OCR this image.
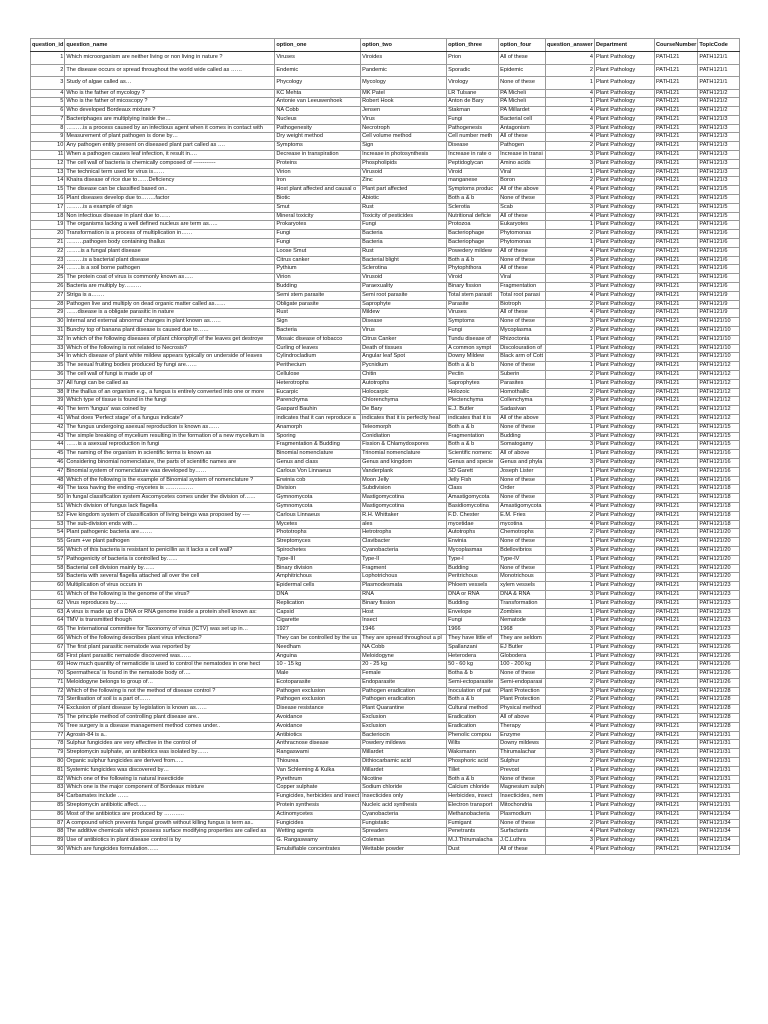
question_id	question_name	option_one	option_two	option_three	option_four	question_answer	Department	CourseNumber	TopicCode
1	Which microorganism are neither living or non living in nature ?	Viruses	Viroides	Prion	All of these	4	Plant Pathology	PATH121	PATH121/1
2	The disease occurs or spread throughout the world wide called as ……	Endemic	Pandemic	Sporadic	Epidemic	2	Plant Pathology	PATH121	PATH121/1
3	Study of algae called as…	Phycology	Mycology	Virology	None of these	1	Plant Pathology	PATH121	PATH121/1
4	Who is the father of mycology ?	KC Mehta	MK Patel	LR Tulsane	PA Micheli	4	Plant Pathology	PATH121	PATH121/2
5	Who is the father of micoscopy ?	Antonie van Leeuwenhoek	Robert Hook	Anton de Bary	PA Micheli	1	Plant Pathology	PATH121	PATH121/2
6	Who developed Bordeaux mixture ?	NA Cobb	Jensen	Stakman	PA Millardet	4	Plant Pathology	PATH121	PATH121/2
7	Bacteriphages are multiplying inside the…	Nucleus	Virus	Fungi	Bacterial cell	4	Plant Pathology	PATH121	PATH121/3
8	………is a process caused by an infectious agent when it comes in contact with	Pathogenesity	Necrotroph	Pathogenesis	Antagonism	3	Plant Pathology	PATH121	PATH121/3
9	Measurement of plant pathogen is done by…	Dry weight method	Cell volume method	Cell number meth	All of these	4	Plant Pathology	PATH121	PATH121/3
10	Any pathogen entity present on diseased plant part called as ….	Symptoms	Sign	Disease	Pathogen	2	Plant Pathology	PATH121	PATH121/3
11	When a pathogen causes leaf infection, it result in….	Decrease in transpiration	Increase in photosynthesis	Increase in rate o	Increase in transi	3	Plant Pathology	PATH121	PATH121/3
12	The cell wall of bacteria is chemically composed of ------------	Proteins	Phospholipids	Peptidoglycan	Amino acids	3	Plant Pathology	PATH121	PATH121/3
13	The technical term used for virus is……	Virion	Virusoid	Viroid	Viral	1	Plant Pathology	PATH121	PATH121/3
14	Khaira disease of rice due to……Deficiency	Iron	Zinc	manganese	Boron	2	Plant Pathology	PATH121	PATH121/3
15	The disease can be classified based on..	Host plant affected and causal o	Plant part affected	Symptoms produc	All of the above	4	Plant Pathology	PATH121	PATH121/5
16	Plant diseases develop due to……..factor	Biotic	Abiotic	Both a & b	None of these	3	Plant Pathology	PATH121	PATH121/5
17	………is a example of sign	Smut	Rust	Sclerotia	Scab	3	Plant Pathology	PATH121	PATH121/5
18	Non infectious disease in plant due to……	Mineral toxicity	Toxicity of pesticides	Nutritional deficie	All of these	4	Plant Pathology	PATH121	PATH121/5
19	The organisms lacking a well defined nucleus are term as…..	Prokaryotes	Fungi	Protozoa	Eukaryotes	1	Plant Pathology	PATH121	PATH121/6
20	Transformation is a process of multiplication in……	Fungi	Bacteria	Bacteriophage	Phytomonas	2	Plant Pathology	PATH121	PATH121/6
21	………pathogen body containing thallus	Fungi	Bacteria	Bacteriophage	Phytomonas	1	Plant Pathology	PATH121	PATH121/6
22	……..is a fungal plant disease	Loose Smut	Rust	Powedery mildew	All of these	4	Plant Pathology	PATH121	PATH121/6
23	………is a bacterial plant disease	Citrus canker	Bacterial blight	Both a & b	None of these	3	Plant Pathology	PATH121	PATH121/6
24	……..is a soil borne pathogen	Pythium	Sclerotina	Phytophthora	All of these	4	Plant Pathology	PATH121	PATH121/6
25	The protein coat of virus is commonly known as…..	Virion	Virusoid	Viroid	Viral	3	Plant Pathology	PATH121	PATH121/6
26	Bacteria are multiply by………	Budding	Paraexuality	Binary fission	Fragmentation	3	Plant Pathology	PATH121	PATH121/6
27	Striga is a…….	Semi stem parasite	Semi root parasite	Total stem parasit	Total root parasi	4	Plant Pathology	PATH121	PATH121/9
28	Pathogen live and multiply on dead organic matter called as……	Obligate parasite	Saprophyte	Parasite	Biotroph	2	Plant Pathology	PATH121	PATH121/9
29	……disease is a obligate parasitic in nature	Rust	Mildew	Viruses	All of these	4	Plant Pathology	PATH121	PATH121/9
30	Internal and external abnormal changes in plant known as……	Sign	Disease	Symptoms	None of these	3	Plant Pathology	PATH121	PATH121/10
31	Bunchy top of banana plant disease is caused due to……	Bacteria	Virus	Fungi	Mycoplasma	2	Plant Pathology	PATH121	PATH121/10
32	In which of the following diseases of plant chlorophyll of the leaves get destroye	Mosaic disease of tobacco	Citrus Canker	Tundu disease of	Rhizoctonia	1	Plant Pathology	PATH121	PATH121/10
33	Which of the following is not related to Necrosis?	Curling of leaves	Death of tissues	A common sympt	Discolouration of	1	Plant Pathology	PATH121	PATH121/10
34	In which disease of plant white mildew appears typically on underside of leaves	Cylindrocladium	Angular leaf Spot	Downy Mildew	Black arm of Cott	3	Plant Pathology	PATH121	PATH121/10
35	The sexual fruiting bodies produced by fungi are……	Perithecium	Pycnidium	Both a & b	None of these	1	Plant Pathology	PATH121	PATH121/12
36	The cell wall of fungi is made up of	Cellulose	Chitin	Pectin	Suberin	2	Plant Pathology	PATH121	PATH121/12
37	All fungi can be called as	Heterotrophs	Autotrophs	Saprophytes	Parasites	1	Plant Pathology	PATH121	PATH121/12
38	If the thallus of an organism e.g., a fungus is entirely converted into one or more	Eucarpic	Holocarpic	Holozoic	Homothallic	2	Plant Pathology	PATH121	PATH121/12
39	Which type of tissue is found in the fungi	Parenchyma	Chlorenchyma	Plectenchyma	Collenchyma	3	Plant Pathology	PATH121	PATH121/12
40	The term 'fungus' was coined by	Gaspard Bauhin	De Bary	E.J. Butler	Sadasivan	1	Plant Pathology	PATH121	PATH121/12
41	What does 'Perfect stage' of a fungus indicate?	indicates that it can reproduce a	indicates that it is perfectly heal	indicates that it is	All of the above	3	Plant Pathology	PATH121	PATH121/12
42	The fungus undergoing asexual reproduction is known as……	Anamorph	Teleomorph	Both a & b	None of these	1	Plant Pathology	PATH121	PATH121/15
43	The simple breaking of mycelium resulting in the formation of a new mycelium is	Sporing	Conidiation	Fragmentation	Budding	3	Plant Pathology	PATH121	PATH121/15
44	……is a asexual reproduction in fungi	Fragmentation & Budding	Fission & Chlamydospores	Both a & b	Somatogamy	3	Plant Pathology	PATH121	PATH121/15
45	The naming of the organism in scientific terms is known as	Binomial nomenclature	Trinomial nomenclature	Scientific nomenc	All of above	1	Plant Pathology	PATH121	PATH121/16
46	Considering binomial nomenclature, the parts of scientific names are	Genus and class	Genus and kingdom	Genus and specie	Genus and phyla	3	Plant Pathology	PATH121	PATH121/16
47	Binomial system of nomenclature was developed by……	Carlous Von Linnaeus	Vanderplank	SD Garett	Joseph Lister	1	Plant Pathology	PATH121	PATH121/16
48	Which of the following is the example of Binomial system of nomenclature ?	Erwinia cob	Moon Jelly	Jelly Fish	None of these	1	Plant Pathology	PATH121	PATH121/16
49	The taxa having the ending -mycetes is ……………	Division	Subdivision	Class	Order	3	Plant Pathology	PATH121	PATH121/18
50	In fungal classification system Ascomycetes comes under the division of……	Gymnomycota	Mastigomycotina	Amastigomycota	None of these	3	Plant Pathology	PATH121	PATH121/18
51	Which division of fungus lack flagella	Gymnomycota	Mastigomycotina	Basidiomycotina	Amastigomycota	4	Plant Pathology	PATH121	PATH121/18
52	Five kingdom system of classification of living beings was proposed by ----	Carlous Linnaeus	R.H. Whittaker	F.D. Chester	E.M. Fries	2	Plant Pathology	PATH121	PATH121/18
53	The sub-division ends with…	Mycetes	ales	mycetidae	mycotina	4	Plant Pathology	PATH121	PATH121/18
54	Plant pathogenic bacteria are…….	Phototrophs	Hetrotrophs	Autotrophs	Chemotrophs	2	Plant Pathology	PATH121	PATH121/20
55	Gram +ve plant pathogen	Streptomyces	Clavibacter	Erwinia	None of these	1	Plant Pathology	PATH121	PATH121/20
56	Which of this bacteria is resistant to penicillin as it lacks a cell wall?	Spirochetes	Cyanobacteria	Mycoplasmas	Bdellovibrios	3	Plant Pathology	PATH121	PATH121/20
57	Pathogenicity of bacteria is controlled by……	Type-III	Type-II	Type-I	Type-IV	1	Plant Pathology	PATH121	PATH121/20
58	Bacterial cell division mainly by……	Binary division	Fragment	Budding	None of these	1	Plant Pathology	PATH121	PATH121/20
59	Bacteria with several flagella attached all over the cell	Amphitrichous	Lophotrichous	Peritrichous	Monotrichous	3	Plant Pathology	PATH121	PATH121/20
60	Multiplication of virus occurs in	Epidermal cells	Plasmodesmata	Phloem vessels	xylem vessels	1	Plant Pathology	PATH121	PATH121/23
61	Which of the following is the genome of the virus?	DNA	RNA	DNA or RNA	DNA & RNA	3	Plant Pathology	PATH121	PATH121/23
62	Virus reproduces by……	Replication	Binary fission	Budding	Transformation	1	Plant Pathology	PATH121	PATH121/23
63	A virus is made up of a DNA or RNA genome inside a protein shell known as:	Capsid	Host	Envelope	Zombies	1	Plant Pathology	PATH121	PATH121/23
64	TMV is transmitted though	Cigarette	Insect	Fungi	Nematode	1	Plant Pathology	PATH121	PATH121/23
65	The International committee for Taxonomy of virus (ICTV) was set up in…	1927	1946	1966	1968	3	Plant Pathology	PATH121	PATH121/23
66	Which of the following describes plant virus infections?	They can be controlled by the us	They are spread throughout a pl	They have little ef	They are seldom	2	Plant Pathology	PATH121	PATH121/23
67	The first plant parasitic nematode was reported by	Needham	NA Cobb	Spallanzani	EJ Butler	1	Plant Pathology	PATH121	PATH121/26
68	First plant parasitic nematode discovered was……	Anguina	Meloidogyne	Heterodera	Globodera	1	Plant Pathology	PATH121	PATH121/26
69	How much quantity of nematicide is used to control the nematodes in one hect	10 - 15 kg	20 - 25 kg	50 - 60 kg	100 - 200 kg	2	Plant Pathology	PATH121	PATH121/26
70	Spermatheca' is found in the nematode body of….	Male	Female	Botha & b	None of these	2	Plant Pathology	PATH121	PATH121/26
71	Meloidogyne belongs to group of…	Ecotoparasite	Endoparasite	Semi-ectoparasite	Semi-endoparasi	2	Plant Pathology	PATH121	PATH121/26
72	Which of the following is not the method of disease control ?	Pathogen exclusion	Pathogen eradication	Inoculation of pat	Plant Protection	3	Plant Pathology	PATH121	PATH121/28
73	Sterilisation of soil is a part of……	Pathogen exclusion	Pathogen eradication	Both a & b	Plant Protection	2	Plant Pathology	PATH121	PATH121/28
74	Exclusion of plant disease by legislation is known as……	Disease resistance	Plant Quarantine	Cultural method	Physical method	2	Plant Pathology	PATH121	PATH121/28
75	The principle method of controlling plant disease are..	Avoidance	Exclusion	Eradication	All of above	4	Plant Pathology	PATH121	PATH121/28
76	Tree surgery is a disease management method comes under..	Avoidance	Exclusion	Eradication	Therapy	4	Plant Pathology	PATH121	PATH121/28
77	Agrosin-84 is a..	Antibiotics	Bacteriocin	Phenolic compou	Enzyme	2	Plant Pathology	PATH121	PATH121/31
78	Sulphur fungicides are very effective in the control of	Anthracnose disease	Powdery mildews	Wilts	Downy mildews	2	Plant Pathology	PATH121	PATH121/31
79	Streptomycin sulphate, an antibiotics was isolated by……	Rangaswami	Millardet	Waksmann	Thirumalachar	3	Plant Pathology	PATH121	PATH121/31
80	Organic sulphur fungicides are derived from…..	Thiourea	Dithiocarbamic acid	Phosphoric acid	Sulphur	2	Plant Pathology	PATH121	PATH121/31
81	Systemic fungicides was discovered by…	Van Schleming & Kulka	Millardet	Tillet	Prevost	1	Plant Pathology	PATH121	PATH121/31
82	Which one of the following is natural insecticide	Pyrethrum	Nicotine	Both a & b	None of these	3	Plant Pathology	PATH121	PATH121/31
83	Which one is the major component of Bordeaux mixture	Copper sulphate	Sodium chloride	Calcium chloride	Magnesium sulph	1	Plant Pathology	PATH121	PATH121/31
84	Carbamates include ……	Fungicides, herbicides and insect	Insecticides only	Herbicides, insect	Insecticides, nem	1	Plant Pathology	PATH121	PATH121/31
85	Streptomycin antibiotic affect…..	Protein synthesis	Nucleic acid synthesis	Electron transport	Mitochondria	1	Plant Pathology	PATH121	PATH121/31
86	Most of the antibiotics are produced by ………..	Actinomycetes	Cyanobacteria	Methanobacteria	Plasmodium	1	Plant Pathology	PATH121	PATH121/34
87	A compound which prevents fungal growth without killing fungus is term as..	Fungicides	Fungistatic	Fumigant	None of these	2	Plant Pathology	PATH121	PATH121/34
88	The additive chemicals which possess surface modifying properties are called as	Wetting agents	Spreaders	Penetrants	Surfactants	4	Plant Pathology	PATH121	PATH121/34
89	Use of antibiotics in plant disease control is by	G. Rangaswamy	Coleman	M.J.Thirumalacha	J.C.Luthra	3	Plant Pathology	PATH121	PATH121/34
90	Which are fungicides formulation……	Emulsifiable concentrates	Wettable powder	Dust	All of these	4	Plant Pathology	PATH121	PATH121/34
